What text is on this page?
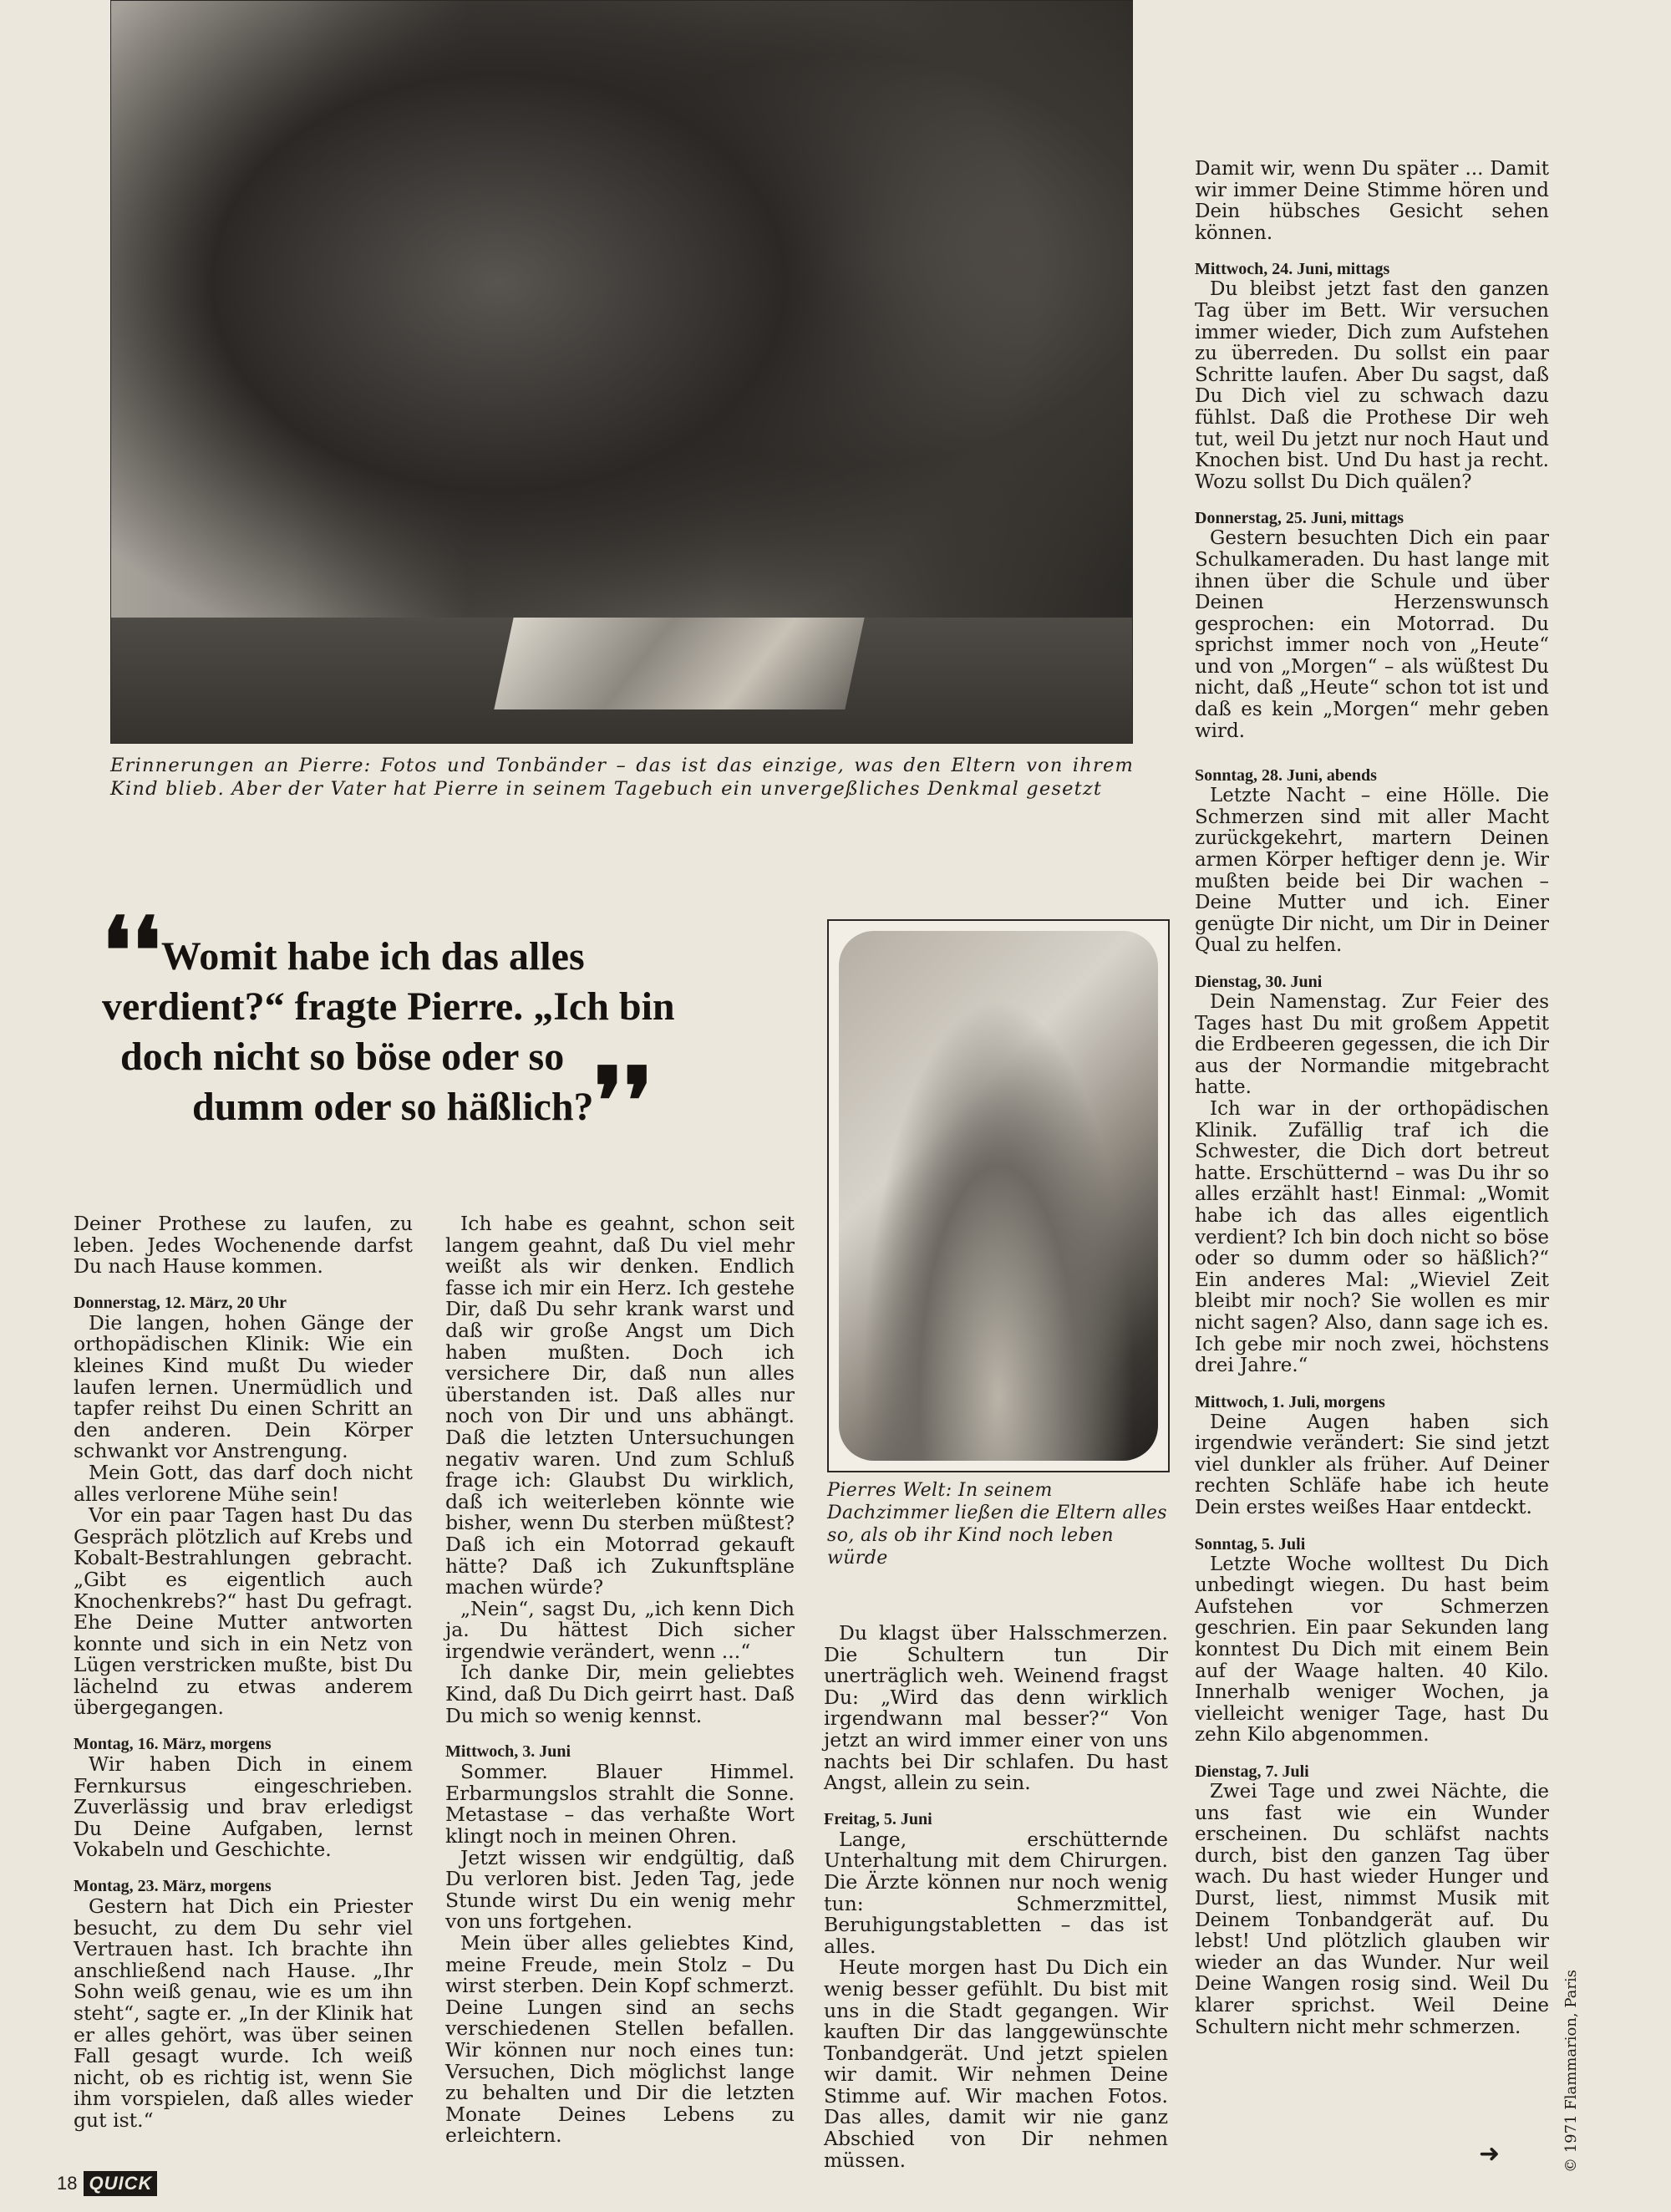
Erinnerungen an Pierre: Fotos und Tonbänder – das ist das einzige, was den Eltern von ihrem Kind blieb. Aber der Vater hat Pierre in seinem Tagebuch ein unvergeßliches Denkmal gesetzt
❛❛Womit habe ich das alles
verdient?“ fragte Pierre. „Ich bin
doch nicht so böse oder so
dumm oder so häßlich?❜❜
Pierres Welt: In seinem Dachzimmer ließen die Eltern alles so, als ob ihr Kind noch leben würde

Deiner Prothese zu laufen, zu leben. Jedes Wochenende darfst Du nach Hause kommen.

Donnerstag, 12. März, 20 Uhr

Die langen, hohen Gänge der orthopädischen Klinik: Wie ein kleines Kind mußt Du wieder laufen lernen. Unermüdlich und tapfer reihst Du einen Schritt an den anderen. Dein Körper schwankt vor Anstrengung.

Mein Gott, das darf doch nicht alles verlorene Mühe sein!

Vor ein paar Tagen hast Du das Gespräch plötzlich auf Krebs und Kobalt-Bestrahlungen gebracht. „Gibt es eigentlich auch Knochenkrebs?“ hast Du gefragt. Ehe Deine Mutter antworten konnte und sich in ein Netz von Lügen verstricken mußte, bist Du lächelnd zu etwas anderem übergegangen.

Montag, 16. März, morgens

Wir haben Dich in einem Fernkursus eingeschrieben. Zuverlässig und brav erledigst Du Deine Aufgaben, lernst Vokabeln und Geschichte.

Montag, 23. März, morgens

Gestern hat Dich ein Priester besucht, zu dem Du sehr viel Vertrauen hast. Ich brachte ihn anschließend nach Hause. „Ihr Sohn weiß genau, wie es um ihn steht“, sagte er. „In der Klinik hat er alles gehört, was über seinen Fall gesagt wurde. Ich weiß nicht, ob es richtig ist, wenn Sie ihm vorspielen, daß alles wieder gut ist.“

Ich habe es geahnt, schon seit langem geahnt, daß Du viel mehr weißt als wir denken. Endlich fasse ich mir ein Herz. Ich gestehe Dir, daß Du sehr krank warst und daß wir große Angst um Dich haben mußten. Doch ich versichere Dir, daß nun alles überstanden ist. Daß alles nur noch von Dir und uns abhängt. Daß die letzten Untersuchungen negativ waren. Und zum Schluß frage ich: Glaubst Du wirklich, daß ich weiterleben könnte wie bisher, wenn Du sterben müßtest? Daß ich ein Motorrad gekauft hätte? Daß ich Zukunftspläne machen würde?

„Nein“, sagst Du, „ich kenn Dich ja. Du hättest Dich sicher irgendwie verändert, wenn ...“

Ich danke Dir, mein geliebtes Kind, daß Du Dich geirrt hast. Daß Du mich so wenig kennst.

Mittwoch, 3. Juni

Sommer. Blauer Himmel. Erbarmungslos strahlt die Sonne. Metastase – das verhaßte Wort klingt noch in meinen Ohren.

Jetzt wissen wir endgültig, daß Du verloren bist. Jeden Tag, jede Stunde wirst Du ein wenig mehr von uns fortgehen.

Mein über alles geliebtes Kind, meine Freude, mein Stolz – Du wirst sterben. Dein Kopf schmerzt. Deine Lungen sind an sechs verschiedenen Stellen befallen. Wir können nur noch eines tun: Versuchen, Dich möglichst lange zu behalten und Dir die letzten Monate Deines Lebens zu erleichtern.

Du klagst über Halsschmerzen. Die Schultern tun Dir unerträglich weh. Weinend fragst Du: „Wird das denn wirklich irgendwann mal besser?“ Von jetzt an wird immer einer von uns nachts bei Dir schlafen. Du hast Angst, allein zu sein.

Freitag, 5. Juni

Lange, erschütternde Unterhaltung mit dem Chirurgen. Die Ärzte können nur noch wenig tun: Schmerzmittel, Beruhigungstabletten – das ist alles.

Heute morgen hast Du Dich ein wenig besser gefühlt. Du bist mit uns in die Stadt gegangen. Wir kauften Dir das langgewünschte Tonbandgerät. Und jetzt spielen wir damit. Wir nehmen Deine Stimme auf. Wir machen Fotos. Das alles, damit wir nie ganz Abschied von Dir nehmen müssen.

Damit wir, wenn Du später ... Damit wir immer Deine Stimme hören und Dein hübsches Gesicht sehen können.

Mittwoch, 24. Juni, mittags

Du bleibst jetzt fast den ganzen Tag über im Bett. Wir versuchen immer wieder, Dich zum Aufstehen zu überreden. Du sollst ein paar Schritte laufen. Aber Du sagst, daß Du Dich viel zu schwach dazu fühlst. Daß die Prothese Dir weh tut, weil Du jetzt nur noch Haut und Knochen bist. Und Du hast ja recht. Wozu sollst Du Dich quälen?

Donnerstag, 25. Juni, mittags

Gestern besuchten Dich ein paar Schulkameraden. Du hast lange mit ihnen über die Schule und über Deinen Herzenswunsch gesprochen: ein Motorrad. Du sprichst immer noch von „Heute“ und von „Morgen“ – als wüßtest Du nicht, daß „Heute“ schon tot ist und daß es kein „Morgen“ mehr geben wird.

Sonntag, 28. Juni, abends

Letzte Nacht – eine Hölle. Die Schmerzen sind mit aller Macht zurückgekehrt, martern Deinen armen Körper heftiger denn je. Wir mußten beide bei Dir wachen – Deine Mutter und ich. Einer genügte Dir nicht, um Dir in Deiner Qual zu helfen.

Dienstag, 30. Juni

Dein Namenstag. Zur Feier des Tages hast Du mit großem Appetit die Erdbeeren gegessen, die ich Dir aus der Normandie mitgebracht hatte.

Ich war in der orthopädischen Klinik. Zufällig traf ich die Schwester, die Dich dort betreut hatte. Erschütternd – was Du ihr so alles erzählt hast! Einmal: „Womit habe ich das alles eigentlich verdient? Ich bin doch nicht so böse oder so dumm oder so häßlich?“ Ein anderes Mal: „Wieviel Zeit bleibt mir noch? Sie wollen es mir nicht sagen? Also, dann sage ich es. Ich gebe mir noch zwei, höchstens drei Jahre.“

Mittwoch, 1. Juli, morgens

Deine Augen haben sich irgendwie verändert: Sie sind jetzt viel dunkler als früher. Auf Deiner rechten Schläfe habe ich heute Dein erstes weißes Haar entdeckt.

Sonntag, 5. Juli

Letzte Woche wolltest Du Dich unbedingt wiegen. Du hast beim Aufstehen vor Schmerzen geschrien. Ein paar Sekunden lang konntest Du Dich mit einem Bein auf der Waage halten. 40 Kilo. Innerhalb weniger Wochen, ja vielleicht weniger Tage, hast Du zehn Kilo abgenommen.

Dienstag, 7. Juli

Zwei Tage und zwei Nächte, die uns fast wie ein Wunder erscheinen. Du schläfst nachts durch, bist den ganzen Tag über wach. Du hast wieder Hunger und Durst, liest, nimmst Musik mit Deinem Tonbandgerät auf. Du lebst! Und plötzlich glauben wir wieder an das Wunder. Nur weil Deine Wangen rosig sind. Weil Du klarer sprichst. Weil Deine Schultern nicht mehr schmerzen.

➜	© 1971 Flammarion, Paris
18 QUICK
